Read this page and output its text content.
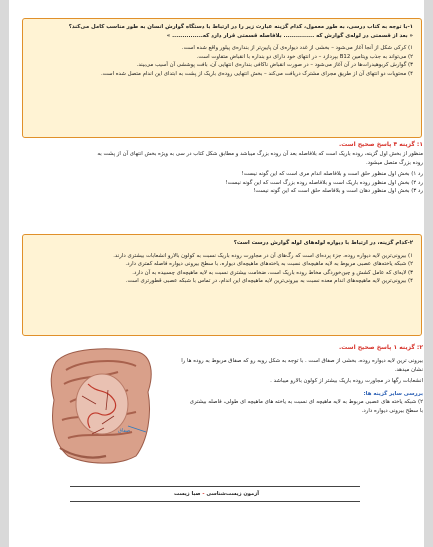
۱-با توجه به کتاب درسی، به طور معمول، کدام گزینه عبارت زیر را در ارتباط با دستگاه گوارش انسان به طور مناسب کامل می‌کند؟
« بعد از قسمتی در لوله‌ی گوارش که ............... بلافاصله قسمتی قرار دارد که............... »
۱) کرکی شکل از آنجا آغاز می‌شود – بخشی از غدد دیواره‌ی آن پایین‌تر از بنداره‌ی پیلور واقع شده است.
۲) می‌تواند به جذب ویتامین B12 بپردازد – در انتهای خود دارای دو بنداره با انقباض متفاوت است.
۳) گوارش کربوهیدرات‌ها در آن آغاز می‌شود – در صورت انقباض ناکافی بنداره‌ی انتهایی آن، بافت پوششی آن آسیب می‌بیند.
۴) محتویات دو انتهای آن از طریق مجرای مشترک دریافت می‌کند – بخش انتهایی روده‌ی باریک از پشت به ابتدای این اندام متصل شده است.
۱: گزینه ۴ پاسخ صحیح است.
منظور از بخش اول گزینه، روده باریک است که بلافاصله بعد آن روده بزرگ میباشد و مطابق شکل کتاب در سی به ویژه بخش انتهای آن از پشت به
روده بزرگ متصل میشود.
رد ۱) بخش اول منظور حلق است و بلافاصله اندام مری است که این گونه نیست!
رد ۲) بخش اول منظور روده باریک است و بلافاصله روده بزرگ است که این گونه نیست!
رد ۳) بخش اول منظور دهان است و بلافاصله حلق است که این گونه نیست!
۲-کدام گزینه، در ارتباط با دیواره لوله‌های لوله گوارش درست است؟
۱) بیرونی‌ترین لایه دیواره روده، جزء پرده‌ای است که رگ‌های آن در مجاورت روده باریک نسبت به کولون بالارو انشعابات بیشتری دارند.
۲) شبکه یاخته‌های عصبی مربوط به لایه ماهیچه‌ای نسبت به یاخته‌های ماهیچه‌ای دیواره، با سطح بیرونی دیواره فاصله کمتری دارد.
۳) لایه‌ای که عامل کشش و چین‌خوردگی مخاط روده باریک است، ضخامت بیشتری نسبت به لایه ماهیچه‌ای چسبیده به آن دارد.
۴) بیرونی‌ترین لایه ماهیچه‌های اندام معده نسبت به بیرونی‌ترین لایه ماهیچه‌ای این اندام، در تماس با شبکه عصبی قطورتری است.
صفاق
۲: گزینه ۱ پاسخ صحیح است.
بیرونی ترین لایه دیواره روده، بخشی از صفاق است . با توجه به شکل روبه رو که صفاق مربوط به روده ها را
نشان میدهد.
انشعابات رگها در مجاورت روده باریک بیشتر از کولون بالارو میباشد .
بررسی سایر گزینه ها:
۲) شبکه یاخته های عصبی مربوط به لایه ماهیچه ای نسبت به یاخته های ماهیچه ای طولی، فاصله بیشتری
با سطح بیرونی دیواره دارد.
آزمون زیست‌شناسی - صبا زیست
